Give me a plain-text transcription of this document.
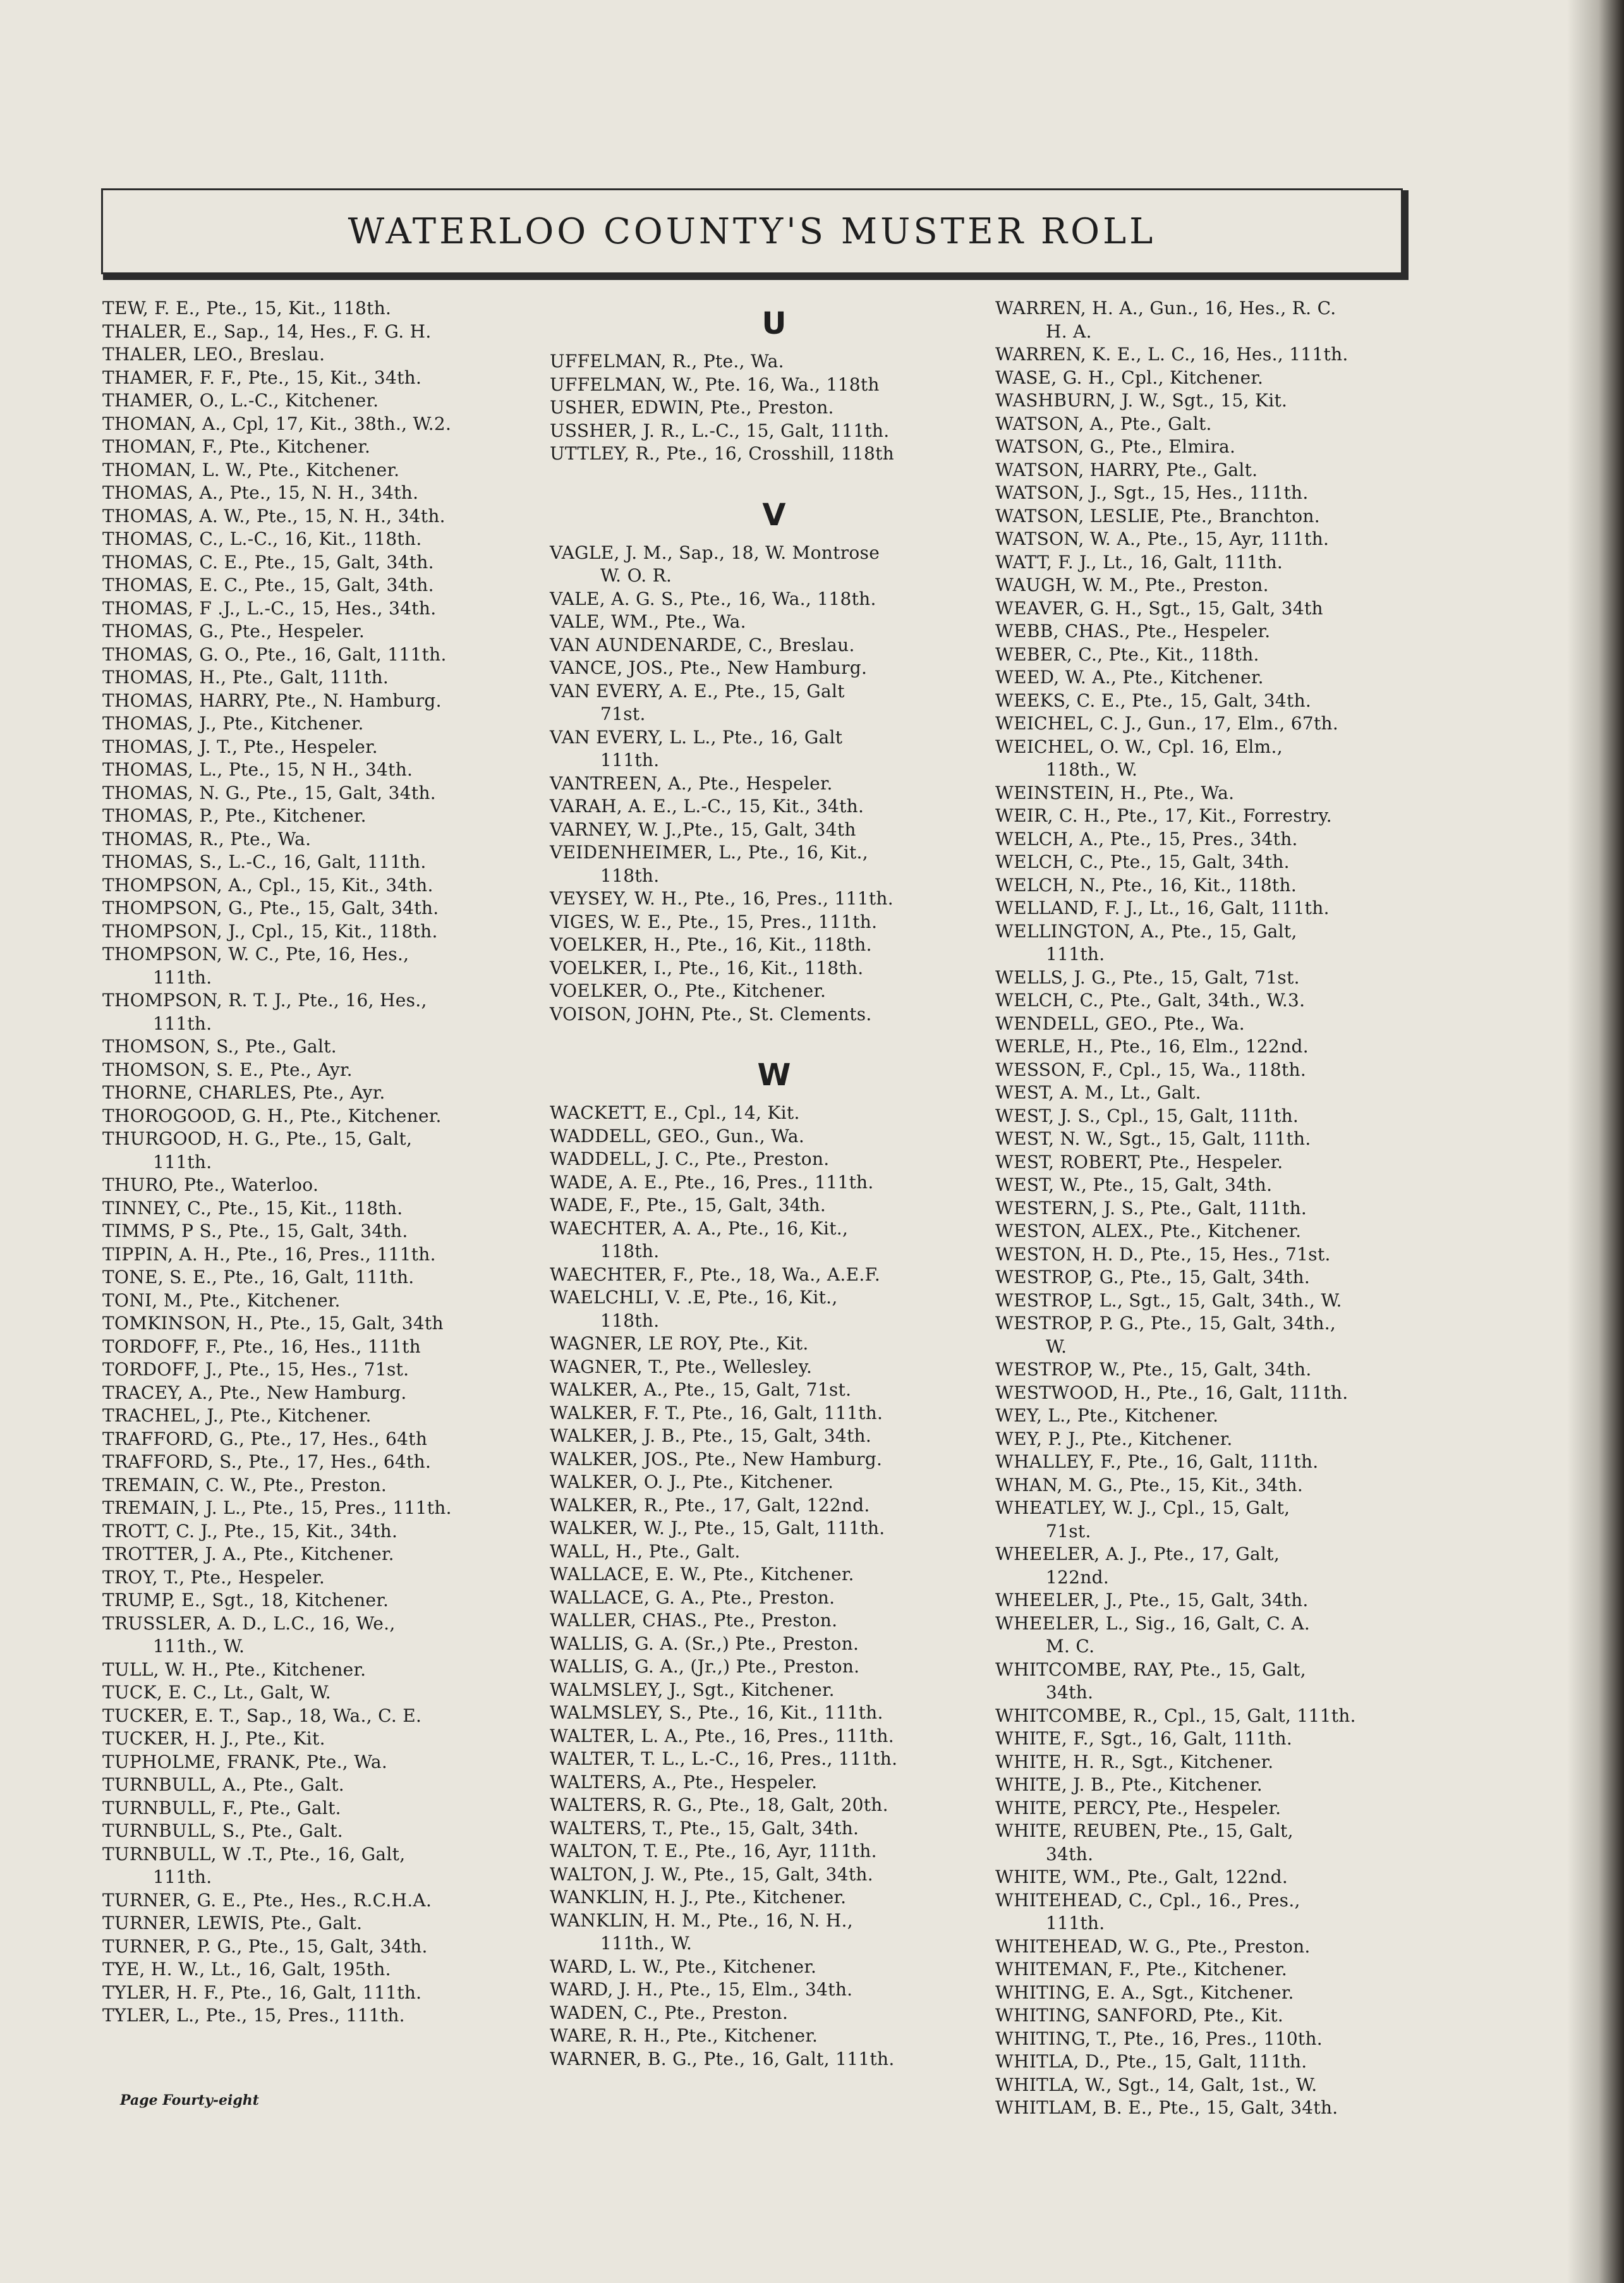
WATERLOO COUNTY'S MUSTER ROLL
TEW, F. E., Pte., 15, Kit., 118th.
THALER, E., Sap., 14, Hes., F. G. H.
THALER, LEO., Breslau.
THAMER, F. F., Pte., 15, Kit., 34th.
THAMER, O., L.-C., Kitchener.
THOMAN, A., Cpl, 17, Kit., 38th., W.2.
THOMAN, F., Pte., Kitchener.
THOMAN, L. W., Pte., Kitchener.
THOMAS, A., Pte., 15, N. H., 34th.
THOMAS, A. W., Pte., 15, N. H., 34th.
THOMAS, C., L.-C., 16, Kit., 118th.
THOMAS, C. E., Pte., 15, Galt, 34th.
THOMAS, E. C., Pte., 15, Galt, 34th.
THOMAS, F .J., L.-C., 15, Hes., 34th.
THOMAS, G., Pte., Hespeler.
THOMAS, G. O., Pte., 16, Galt, 111th.
THOMAS, H., Pte., Galt, 111th.
THOMAS, HARRY, Pte., N. Hamburg.
THOMAS, J., Pte., Kitchener.
THOMAS, J. T., Pte., Hespeler.
THOMAS, L., Pte., 15, N H., 34th.
THOMAS, N. G., Pte., 15, Galt, 34th.
THOMAS, P., Pte., Kitchener.
THOMAS, R., Pte., Wa.
THOMAS, S., L.-C., 16, Galt, 111th.
THOMPSON, A., Cpl., 15, Kit., 34th.
THOMPSON, G., Pte., 15, Galt, 34th.
THOMPSON, J., Cpl., 15, Kit., 118th.
THOMPSON, W. C., Pte, 16, Hes.,
111th.
THOMPSON, R. T. J., Pte., 16, Hes.,
111th.
THOMSON, S., Pte., Galt.
THOMSON, S. E., Pte., Ayr.
THORNE, CHARLES, Pte., Ayr.
THOROGOOD, G. H., Pte., Kitchener.
THURGOOD, H. G., Pte., 15, Galt,
111th.
THURO, Pte., Waterloo.
TINNEY, C., Pte., 15, Kit., 118th.
TIMMS, P S., Pte., 15, Galt, 34th.
TIPPIN, A. H., Pte., 16, Pres., 111th.
TONE, S. E., Pte., 16, Galt, 111th.
TONI, M., Pte., Kitchener.
TOMKINSON, H., Pte., 15, Galt, 34th
TORDOFF, F., Pte., 16, Hes., 111th
TORDOFF, J., Pte., 15, Hes., 71st.
TRACEY, A., Pte., New Hamburg.
TRACHEL, J., Pte., Kitchener.
TRAFFORD, G., Pte., 17, Hes., 64th
TRAFFORD, S., Pte., 17, Hes., 64th.
TREMAIN, C. W., Pte., Preston.
TREMAIN, J. L., Pte., 15, Pres., 111th.
TROTT, C. J., Pte., 15, Kit., 34th.
TROTTER, J. A., Pte., Kitchener.
TROY, T., Pte., Hespeler.
TRUMP, E., Sgt., 18, Kitchener.
TRUSSLER, A. D., L.C., 16, We.,
111th., W.
TULL, W. H., Pte., Kitchener.
TUCK, E. C., Lt., Galt, W.
TUCKER, E. T., Sap., 18, Wa., C. E.
TUCKER, H. J., Pte., Kit.
TUPHOLME, FRANK, Pte., Wa.
TURNBULL, A., Pte., Galt.
TURNBULL, F., Pte., Galt.
TURNBULL, S., Pte., Galt.
TURNBULL, W .T., Pte., 16, Galt,
111th.
TURNER, G. E., Pte., Hes., R.C.H.A.
TURNER, LEWIS, Pte., Galt.
TURNER, P. G., Pte., 15, Galt, 34th.
TYE, H. W., Lt., 16, Galt, 195th.
TYLER, H. F., Pte., 16, Galt, 111th.
TYLER, L., Pte., 15, Pres., 111th.
U
UFFELMAN, R., Pte., Wa.
UFFELMAN, W., Pte. 16, Wa., 118th
USHER, EDWIN, Pte., Preston.
USSHER, J. R., L.-C., 15, Galt, 111th.
UTTLEY, R., Pte., 16, Crosshill, 118th
V
VAGLE, J. M., Sap., 18, W. Montrose
W. O. R.
VALE, A. G. S., Pte., 16, Wa., 118th.
VALE, WM., Pte., Wa.
VAN AUNDENARDE, C., Breslau.
VANCE, JOS., Pte., New Hamburg.
VAN EVERY, A. E., Pte., 15, Galt
71st.
VAN EVERY, L. L., Pte., 16, Galt
111th.
VANTREEN, A., Pte., Hespeler.
VARAH, A. E., L.-C., 15, Kit., 34th.
VARNEY, W. J.,Pte., 15, Galt, 34th
VEIDENHEIMER, L., Pte., 16, Kit.,
118th.
VEYSEY, W. H., Pte., 16, Pres., 111th.
VIGES, W. E., Pte., 15, Pres., 111th.
VOELKER, H., Pte., 16, Kit., 118th.
VOELKER, I., Pte., 16, Kit., 118th.
VOELKER, O., Pte., Kitchener.
VOISON, JOHN, Pte., St. Clements.
W
WACKETT, E., Cpl., 14, Kit.
WADDELL, GEO., Gun., Wa.
WADDELL, J. C., Pte., Preston.
WADE, A. E., Pte., 16, Pres., 111th.
WADE, F., Pte., 15, Galt, 34th.
WAECHTER, A. A., Pte., 16, Kit.,
118th.
WAECHTER, F., Pte., 18, Wa., A.E.F.
WAELCHLI, V. .E, Pte., 16, Kit.,
118th.
WAGNER, LE ROY, Pte., Kit.
WAGNER, T., Pte., Wellesley.
WALKER, A., Pte., 15, Galt, 71st.
WALKER, F. T., Pte., 16, Galt, 111th.
WALKER, J. B., Pte., 15, Galt, 34th.
WALKER, JOS., Pte., New Hamburg.
WALKER, O. J., Pte., Kitchener.
WALKER, R., Pte., 17, Galt, 122nd.
WALKER, W. J., Pte., 15, Galt, 111th.
WALL, H., Pte., Galt.
WALLACE, E. W., Pte., Kitchener.
WALLACE, G. A., Pte., Preston.
WALLER, CHAS., Pte., Preston.
WALLIS, G. A. (Sr.,) Pte., Preston.
WALLIS, G. A., (Jr.,) Pte., Preston.
WALMSLEY, J., Sgt., Kitchener.
WALMSLEY, S., Pte., 16, Kit., 111th.
WALTER, L. A., Pte., 16, Pres., 111th.
WALTER, T. L., L.-C., 16, Pres., 111th.
WALTERS, A., Pte., Hespeler.
WALTERS, R. G., Pte., 18, Galt, 20th.
WALTERS, T., Pte., 15, Galt, 34th.
WALTON, T. E., Pte., 16, Ayr, 111th.
WALTON, J. W., Pte., 15, Galt, 34th.
WANKLIN, H. J., Pte., Kitchener.
WANKLIN, H. M., Pte., 16, N. H.,
111th., W.
WARD, L. W., Pte., Kitchener.
WARD, J. H., Pte., 15, Elm., 34th.
WADEN, C., Pte., Preston.
WARE, R. H., Pte., Kitchener.
WARNER, B. G., Pte., 16, Galt, 111th.
WARREN, H. A., Gun., 16, Hes., R. C.
H. A.
WARREN, K. E., L. C., 16, Hes., 111th.
WASE, G. H., Cpl., Kitchener.
WASHBURN, J. W., Sgt., 15, Kit.
WATSON, A., Pte., Galt.
WATSON, G., Pte., Elmira.
WATSON, HARRY, Pte., Galt.
WATSON, J., Sgt., 15, Hes., 111th.
WATSON, LESLIE, Pte., Branchton.
WATSON, W. A., Pte., 15, Ayr, 111th.
WATT, F. J., Lt., 16, Galt, 111th.
WAUGH, W. M., Pte., Preston.
WEAVER, G. H., Sgt., 15, Galt, 34th
WEBB, CHAS., Pte., Hespeler.
WEBER, C., Pte., Kit., 118th.
WEED, W. A., Pte., Kitchener.
WEEKS, C. E., Pte., 15, Galt, 34th.
WEICHEL, C. J., Gun., 17, Elm., 67th.
WEICHEL, O. W., Cpl. 16, Elm.,
118th., W.
WEINSTEIN, H., Pte., Wa.
WEIR, C. H., Pte., 17, Kit., Forrestry.
WELCH, A., Pte., 15, Pres., 34th.
WELCH, C., Pte., 15, Galt, 34th.
WELCH, N., Pte., 16, Kit., 118th.
WELLAND, F. J., Lt., 16, Galt, 111th.
WELLINGTON, A., Pte., 15, Galt,
111th.
WELLS, J. G., Pte., 15, Galt, 71st.
WELCH, C., Pte., Galt, 34th., W.3.
WENDELL, GEO., Pte., Wa.
WERLE, H., Pte., 16, Elm., 122nd.
WESSON, F., Cpl., 15, Wa., 118th.
WEST, A. M., Lt., Galt.
WEST, J. S., Cpl., 15, Galt, 111th.
WEST, N. W., Sgt., 15, Galt, 111th.
WEST, ROBERT, Pte., Hespeler.
WEST, W., Pte., 15, Galt, 34th.
WESTERN, J. S., Pte., Galt, 111th.
WESTON, ALEX., Pte., Kitchener.
WESTON, H. D., Pte., 15, Hes., 71st.
WESTROP, G., Pte., 15, Galt, 34th.
WESTROP, L., Sgt., 15, Galt, 34th., W.
WESTROP, P. G., Pte., 15, Galt, 34th.,
W.
WESTROP, W., Pte., 15, Galt, 34th.
WESTWOOD, H., Pte., 16, Galt, 111th.
WEY, L., Pte., Kitchener.
WEY, P. J., Pte., Kitchener.
WHALLEY, F., Pte., 16, Galt, 111th.
WHAN, M. G., Pte., 15, Kit., 34th.
WHEATLEY, W. J., Cpl., 15, Galt,
71st.
WHEELER, A. J., Pte., 17, Galt,
122nd.
WHEELER, J., Pte., 15, Galt, 34th.
WHEELER, L., Sig., 16, Galt, C. A.
M. C.
WHITCOMBE, RAY, Pte., 15, Galt,
34th.
WHITCOMBE, R., Cpl., 15, Galt, 111th.
WHITE, F., Sgt., 16, Galt, 111th.
WHITE, H. R., Sgt., Kitchener.
WHITE, J. B., Pte., Kitchener.
WHITE, PERCY, Pte., Hespeler.
WHITE, REUBEN, Pte., 15, Galt,
34th.
WHITE, WM., Pte., Galt, 122nd.
WHITEHEAD, C., Cpl., 16., Pres.,
111th.
WHITEHEAD, W. G., Pte., Preston.
WHITEMAN, F., Pte., Kitchener.
WHITING, E. A., Sgt., Kitchener.
WHITING, SANFORD, Pte., Kit.
WHITING, T., Pte., 16, Pres., 110th.
WHITLA, D., Pte., 15, Galt, 111th.
WHITLA, W., Sgt., 14, Galt, 1st., W.
WHITLAM, B. E., Pte., 15, Galt, 34th.
Page Fourty-eight
